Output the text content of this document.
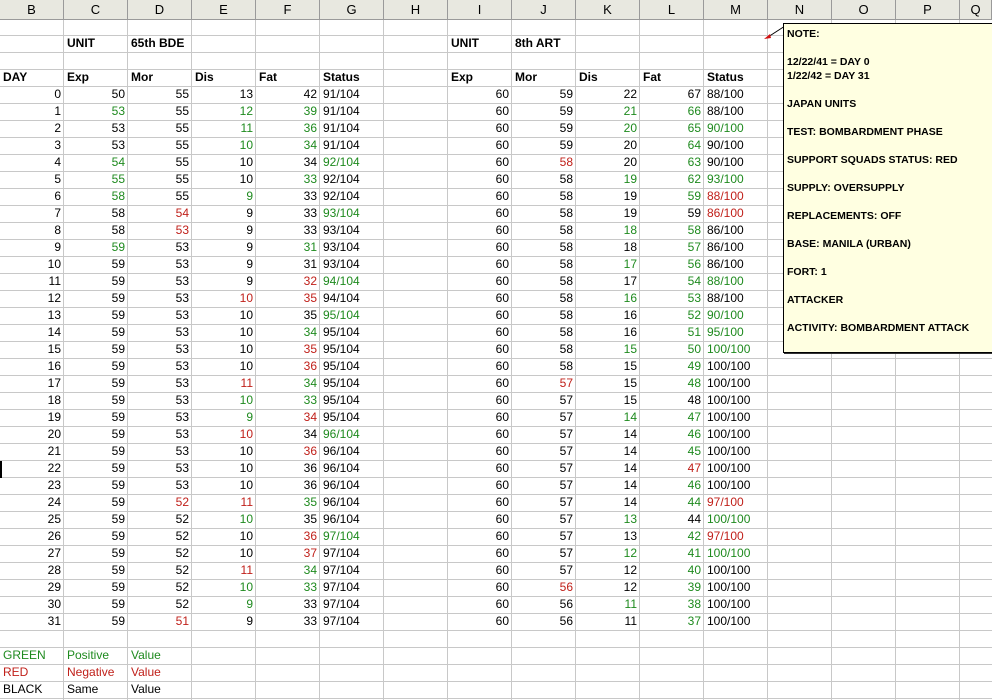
B	C	D	E	F	G	H	I	J	K	L	M	N	O	P	Q
UNIT	65th BDE	UNIT	8th ART
DAY	Exp	Mor	Dis	Fat	Status	Exp	Mor	Dis	Fat	Status
0	50	55	13	42 91/104	60	59	22	67 88/100
1	53	55	12	39 91/104	60	59	21	66 88/100
2	53	55	11	36 91/104	60	59	20	65 90/100
3	53	55	10	34 91/104	60	59	20	64 90/100
4	54	55	10	34 92/104	60	58	20	63 90/100
5	55	55	10	33 92/104	60	58	19	62 93/100
6	58	55	9	33 92/104	60	58	19	59 88/100
7	58	54	9	33 93/104	60	58	19	59 86/100
8	58	53	9	33 93/104	60	58	18	58 86/100
9	59	53	9	31 93/104	60	58	18	57 86/100
10	59	53	9	31 93/104	60	58	17	56 86/100
11	59	53	9	32 94/104	60	58	17	54 88/100
12	59	53	10	35 94/104	60	58	16	53 88/100
13	59	53	10	35 95/104	60	58	16	52 90/100
14	59	53	10	34 95/104	60	58	16	51 95/100
15	59	53	10	35 95/104	60	58	15	50 100/100
16	59	53	10	36 95/104	60	58	15	49 100/100
17	59	53	11	34 95/104	60	57	15	48 100/100
18	59	53	10	33 95/104	60	57	15	48 100/100
19	59	53	9	34 95/104	60	57	14	47 100/100
20	59	53	10	34 96/104	60	57	14	46 100/100
21	59	53	10	36 96/104	60	57	14	45 100/100
22	59	53	10	36 96/104	60	57	14	47 100/100
23	59	53	10	36 96/104	60	57	14	46 100/100
24	59	52	11	35 96/104	60	57	14	44 97/100
25	59	52	10	35 96/104	60	57	13	44 100/100
26	59	52	10	36 97/104	60	57	13	42 97/100
27	59	52	10	37 97/104	60	57	12	41 100/100
28	59	52	11	34 97/104	60	57	12	40 100/100
29	59	52	10	33 97/104	60	56	12	39 100/100
30	59	52	9	33 97/104	60	56	11	38 100/100
31	59	51	9	33 97/104	60	56	11	37 100/100
GREEN	Positive	Value
RED	Negative	Value
BLACK	Same	Value
NOTE:
12/22/41 = DAY 0
1/22/42 = DAY 31
JAPAN UNITS
TEST: BOMBARDMENT PHASE
SUPPORT SQUADS STATUS: RED
SUPPLY: OVERSUPPLY
REPLACEMENTS: OFF
BASE: MANILA (URBAN)
FORT: 1
ATTACKER
ACTIVITY: BOMBARDMENT ATTACK
